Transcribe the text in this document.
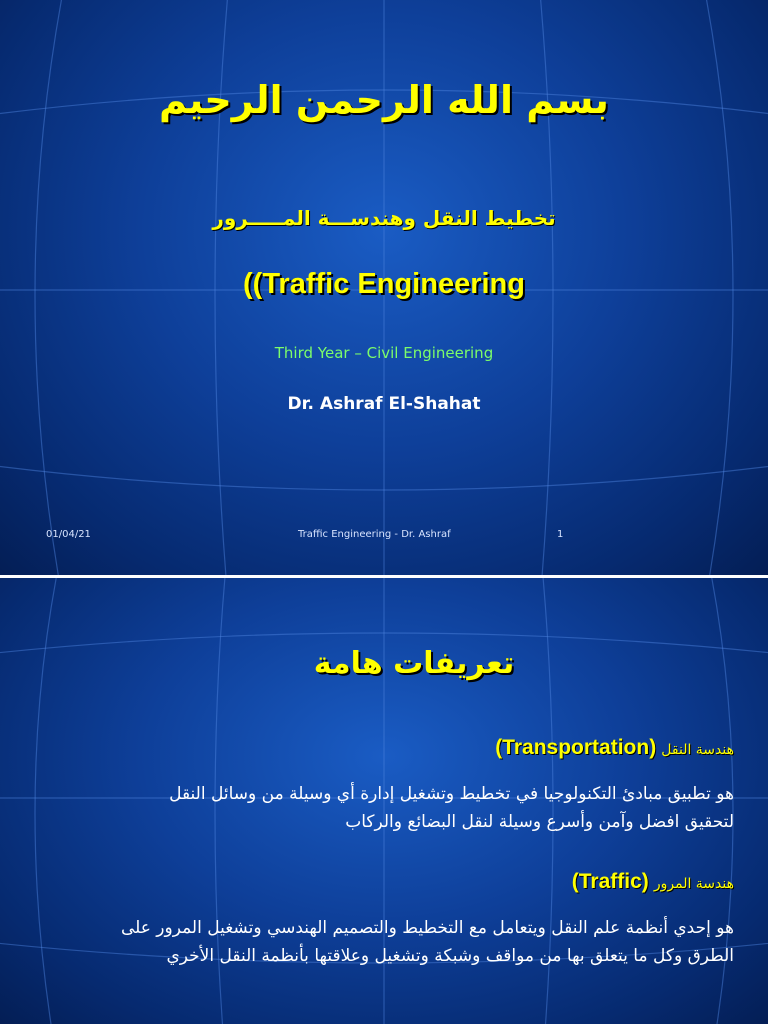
بسم الله الرحمن الرحيم
تخطيط النقل وهندســـة المـــــرور
((Traffic Engineering
Third Year – Civil Engineering
Dr. Ashraf El-Shahat
01/04/21	Traffic Engineering - Dr. Ashraf	1
تعريفات هامة
(Transportation) هندسة النقل
هو تطبيق مبادئ التكنولوجيا في تخطيط وتشغيل إدارة أي وسيلة من وسائل النقل
لتحقيق افضل وآمن وأسرع وسيلة لنقل البضائع والركاب
(Traffic) هندسة المرور
هو إحدي أنظمة علم النقل ويتعامل مع التخطيط والتصميم الهندسي وتشغيل المرور على
الطرق وكل ما يتعلق بها من مواقف وشبكة وتشغيل وعلاقتها بأنظمة النقل الأخري
